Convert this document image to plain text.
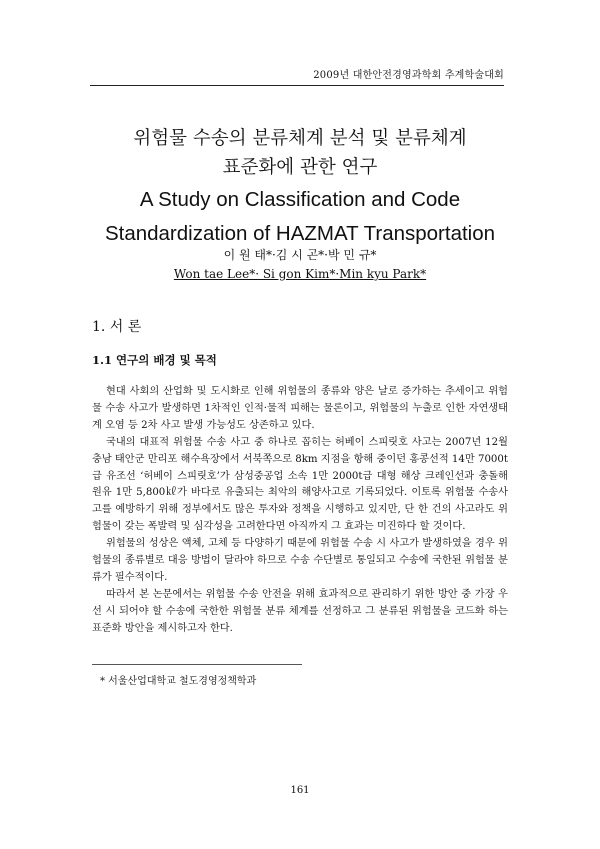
2009년 대한안전경영과학회 추계학술대회
위험물 수송의 분류체계 분석 및 분류체계
표준화에 관한 연구
A Study on Classification and Code
Standardization of HAZMAT Transportation
이 원 태*·김 시 곤*·박 민 규*
Won tae Lee*· Si gon Kim*·Min kyu Park*
1. 서 론
1.1 연구의 배경 및 목적

현대 사회의 산업화 및 도시화로 인해 위험물의 종류와 양은 날로 증가하는 추세이고 위험물 수송 사고가 발생하면 1차적인 인적·물적 피해는 물론이고, 위험물의 누출로 인한 자연생태계 오염 등 2차 사고 발생 가능성도 상존하고 있다.

국내의 대표적 위험물 수송 사고 중 하나로 꼽히는 허베이 스피릿호 사고는 2007년 12월 충남 태안군 만리포 해수욕장에서 서북쪽으로 8km 지점을 항해 중이던 홍콩선적 14만 7000t급 유조선 ‘허베이 스피릿호’가 삼성중공업 소속 1만 2000t급 대형 해상 크레인선과 충돌해 원유 1만 5,800㎘가 바다로 유출되는 최악의 해양사고로 기록되었다. 이토록 위험물 수송사고를 예방하기 위해 정부에서도 많은 투자와 정책을 시행하고 있지만, 단 한 건의 사고라도 위험물이 갖는 폭발력 및 심각성을 고려한다면 아직까지 그 효과는 미진하다 할 것이다.

위험물의 성상은 액체, 고체 등 다양하기 때문에 위험물 수송 시 사고가 발생하였을 경우 위험물의 종류별로 대응 방법이 달라야 하므로 수송 수단별로 통일되고 수송에 국한된 위험물 분류가 필수적이다.

따라서 본 논문에서는 위험물 수송 안전을 위해 효과적으로 관리하기 위한 방안 중 가장 우선 시 되어야 할 수송에 국한한 위험물 분류 체계를 선정하고 그 분류된 위험물을 코드화 하는 표준화 방안을 제시하고자 한다.

* 서울산업대학교 철도경영정책학과
161
